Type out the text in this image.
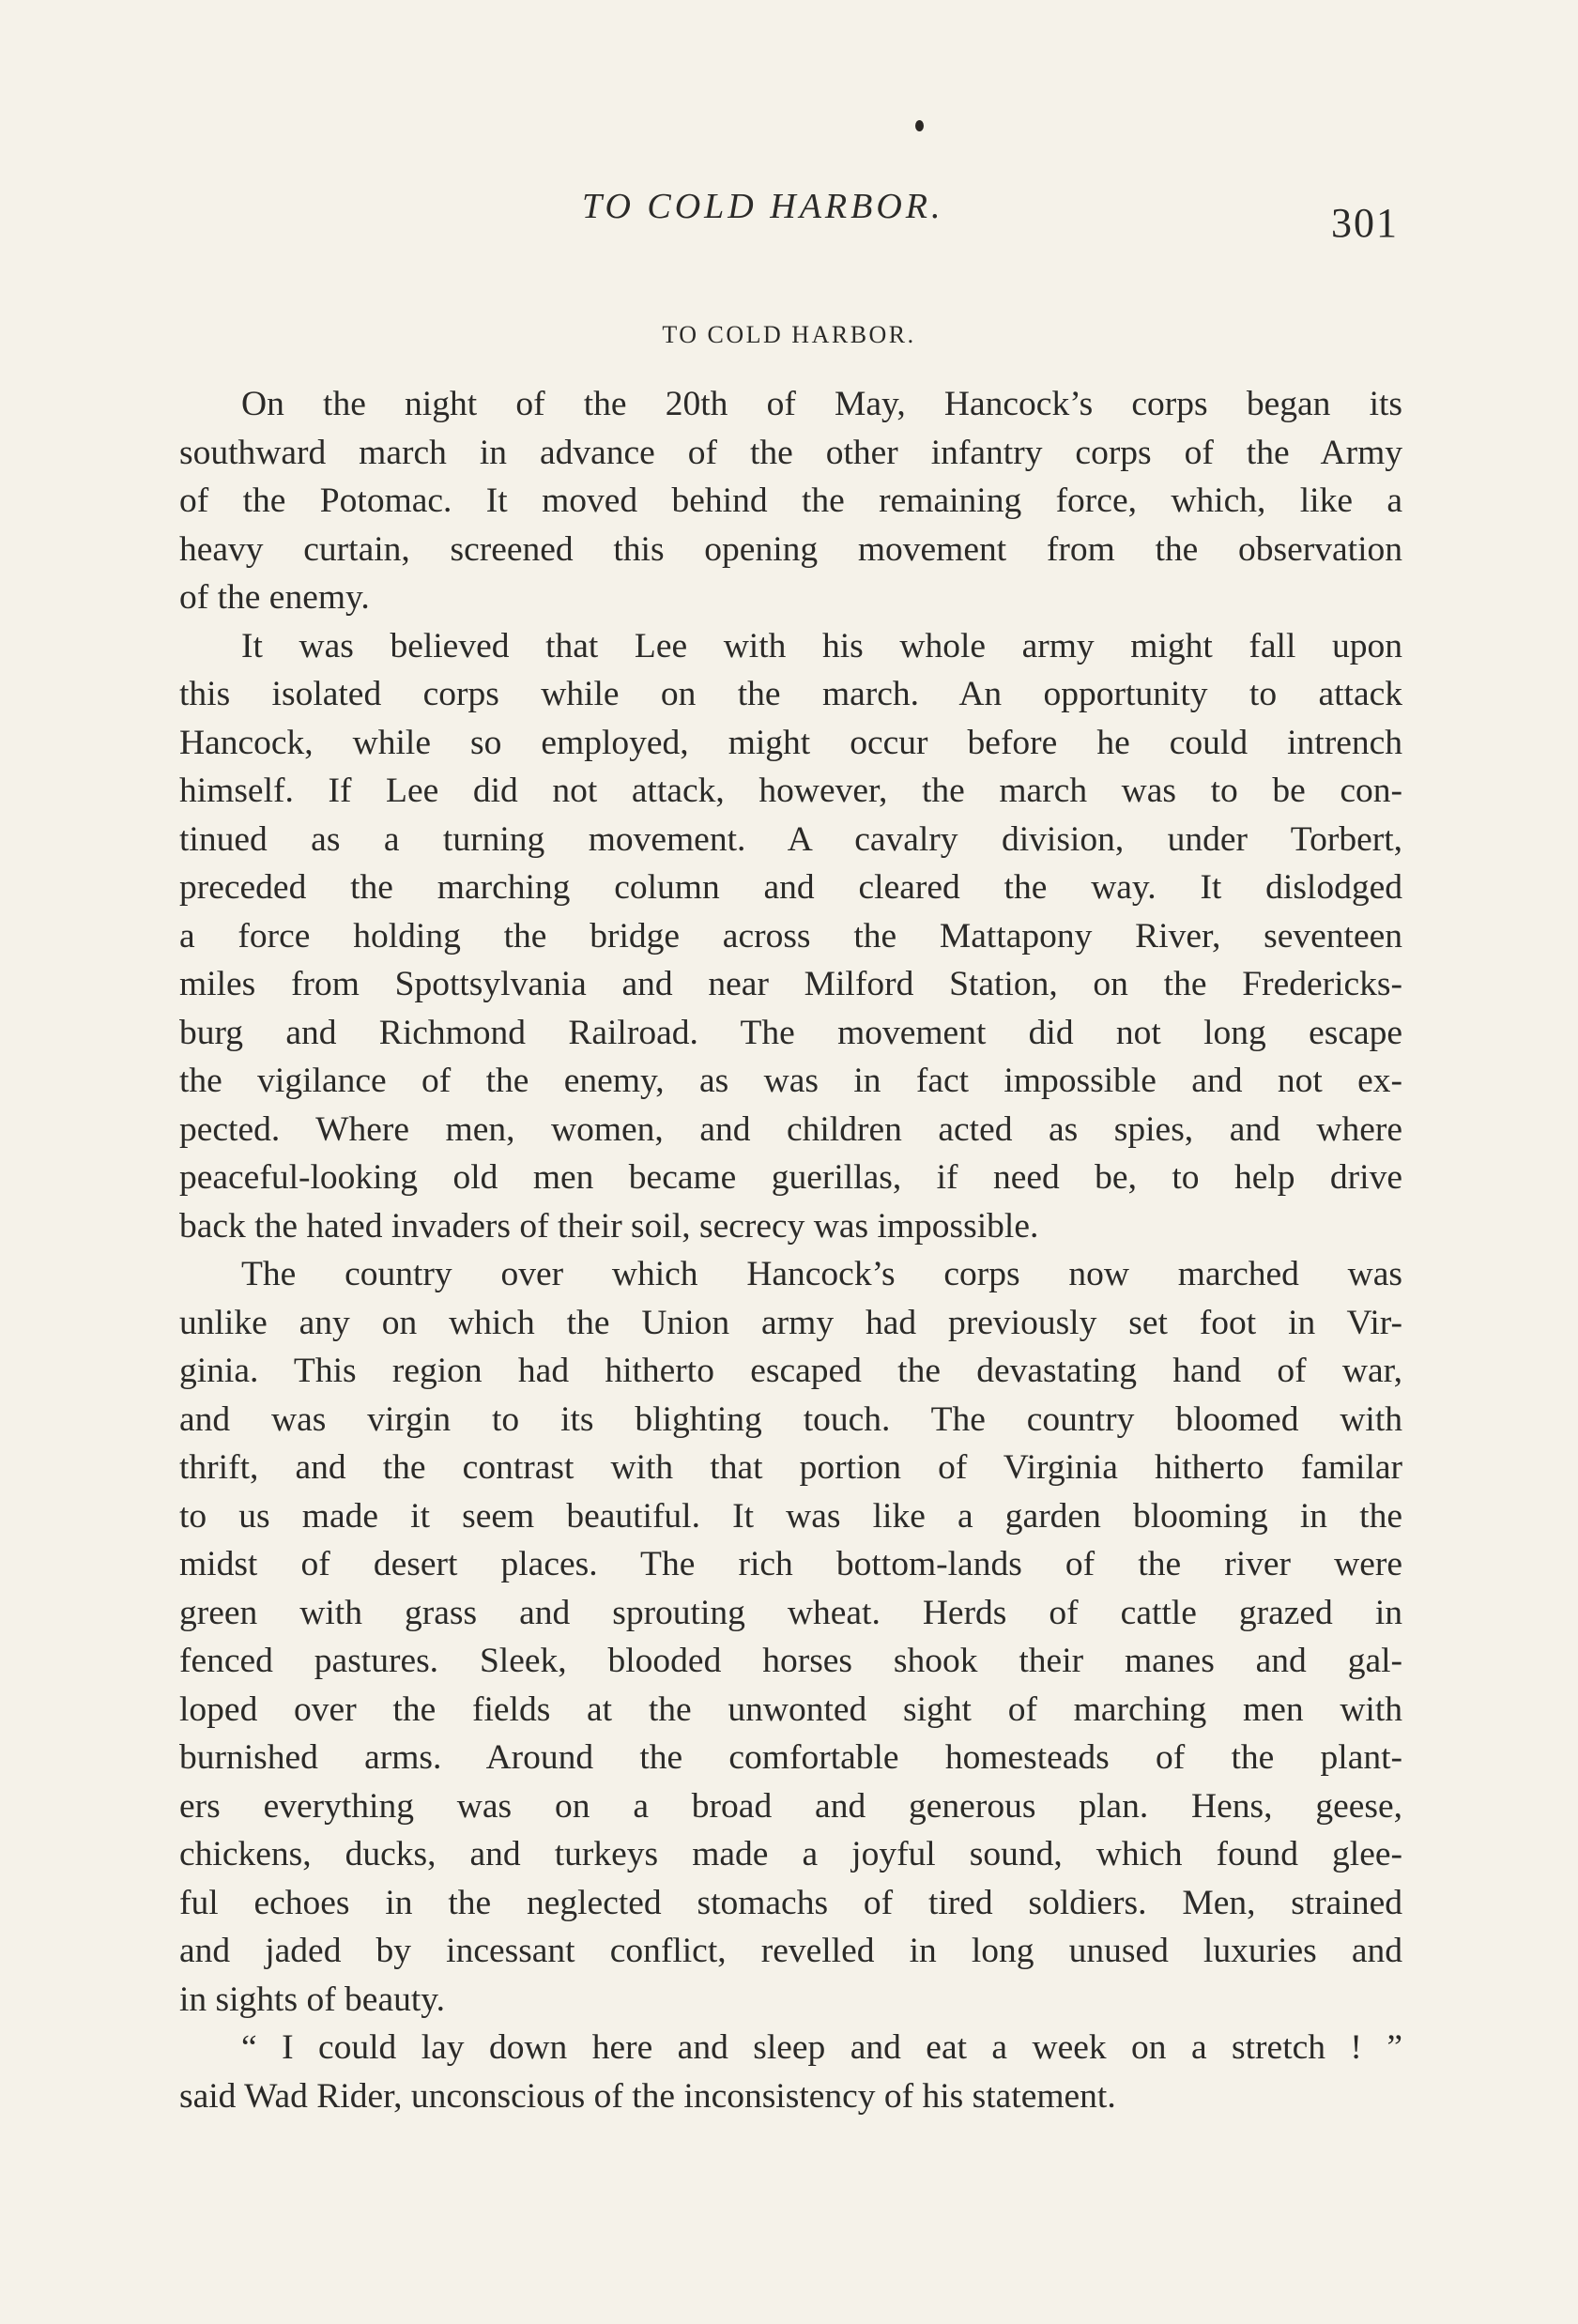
TO COLD HARBOR.	301
TO COLD HARBOR.
On the night of the 20th of May, Hancock’s corps began its
southward march in advance of the other infantry corps of the Army
of the Potomac. It moved behind the remaining force, which, like a
heavy curtain, screened this opening movement from the observation
of the enemy.
It was believed that Lee with his whole army might fall upon
this isolated corps while on the march. An opportunity to attack
Hancock, while so employed, might occur before he could intrench
himself. If Lee did not attack, however, the march was to be con-
tinued as a turning movement. A cavalry division, under Torbert,
preceded the marching column and cleared the way. It dislodged
a force holding the bridge across the Mattapony River, seventeen
miles from Spottsylvania and near Milford Station, on the Fredericks-
burg and Richmond Railroad. The movement did not long escape
the vigilance of the enemy, as was in fact impossible and not ex-
pected. Where men, women, and children acted as spies, and where
peaceful-looking old men became guerillas, if need be, to help drive
back the hated invaders of their soil, secrecy was impossible.
The country over which Hancock’s corps now marched was
unlike any on which the Union army had previously set foot in Vir-
ginia. This region had hitherto escaped the devastating hand of war,
and was virgin to its blighting touch. The country bloomed with
thrift, and the contrast with that portion of Virginia hitherto familar
to us made it seem beautiful. It was like a garden blooming in the
midst of desert places. The rich bottom-lands of the river were
green with grass and sprouting wheat. Herds of cattle grazed in
fenced pastures. Sleek, blooded horses shook their manes and gal-
loped over the fields at the unwonted sight of marching men with
burnished arms. Around the comfortable homesteads of the plant-
ers everything was on a broad and generous plan. Hens, geese,
chickens, ducks, and turkeys made a joyful sound, which found glee-
ful echoes in the neglected stomachs of tired soldiers. Men, strained
and jaded by incessant conflict, revelled in long unused luxuries and
in sights of beauty.
“ I could lay down here and sleep and eat a week on a stretch ! ”
said Wad Rider, unconscious of the inconsistency of his statement.
